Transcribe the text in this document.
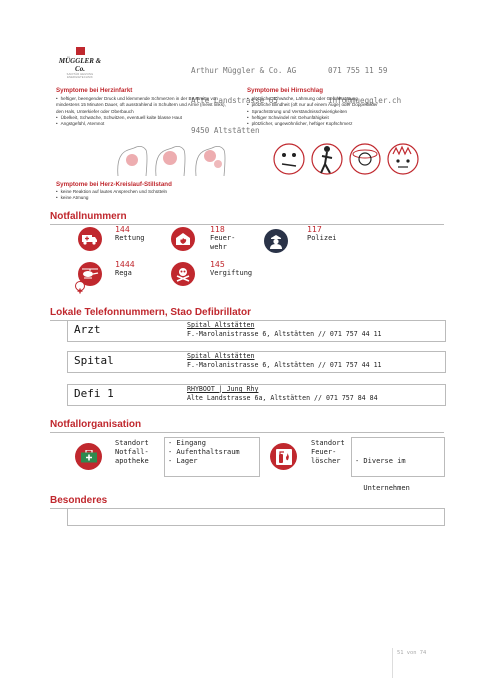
MÜGGLER & Co.
SANITÄR HEIZUNG ENERGIETECHNIK

Arthur Müggler & Co. AG

Alte Landstrasse 65

9450 Altstätten

071 755 11 59

info@mueggler.ch

Symptome bei Herzinfarkt
• heftiger, beengender Druck und klemmende Schmerzen in der Brustmitte von mindestens 15 Minuten Dauer, oft ausstrahlend in Schultern und Arme (meist links), den Hals, Unterkiefer oder Oberbauch
• Übelkeit, Schwäche, Schwitzen, eventuell kalte blasse Haut
• Angstgefühl, Atemnot
Symptome bei Hirnschlag
• plötzliche Schwäche, Lähmung oder Gefühlsstörung
• plötzliche Blindheit (oft nur auf einem Auge) oder Doppelbilder
• Sprachstörung und Verständnisschwierigkeiten
• heftiger Schwindel mit Gehunfähigkeit
• plötzlicher, ungewöhnlicher, heftiger Kopfschmerz
Symptome bei Herz-Kreislauf-Stillstand
• keine Reaktion auf lautes Ansprechen und Schütteln
• keine Atmung
Notfallnummern
144
Rettung
118
Feuer-
wehr
117
Polizei
1444
Rega
145
Vergiftung
Lokale Telefonnummern, Stao Defibrillator
Arzt	Spital Altstätten
F.-Marolanistrasse 6, Altstätten // 071 757 44 11
Spital	Spital Altstätten
F.-Marolanistrasse 6, Altstätten // 071 757 44 11
Defi 1	RHYBOOT | Jung Rhy
Alte Landstrasse 6a, Altstätten // 071 757 84 84
Notfallorganisation
Standort
Notfall-
apotheke
- Eingang
- Aufenthaltsraum
- Lager
Standort
Feuer-
löscher

	- Diverse im

Unternehmen

Besonderes
51 von 74
